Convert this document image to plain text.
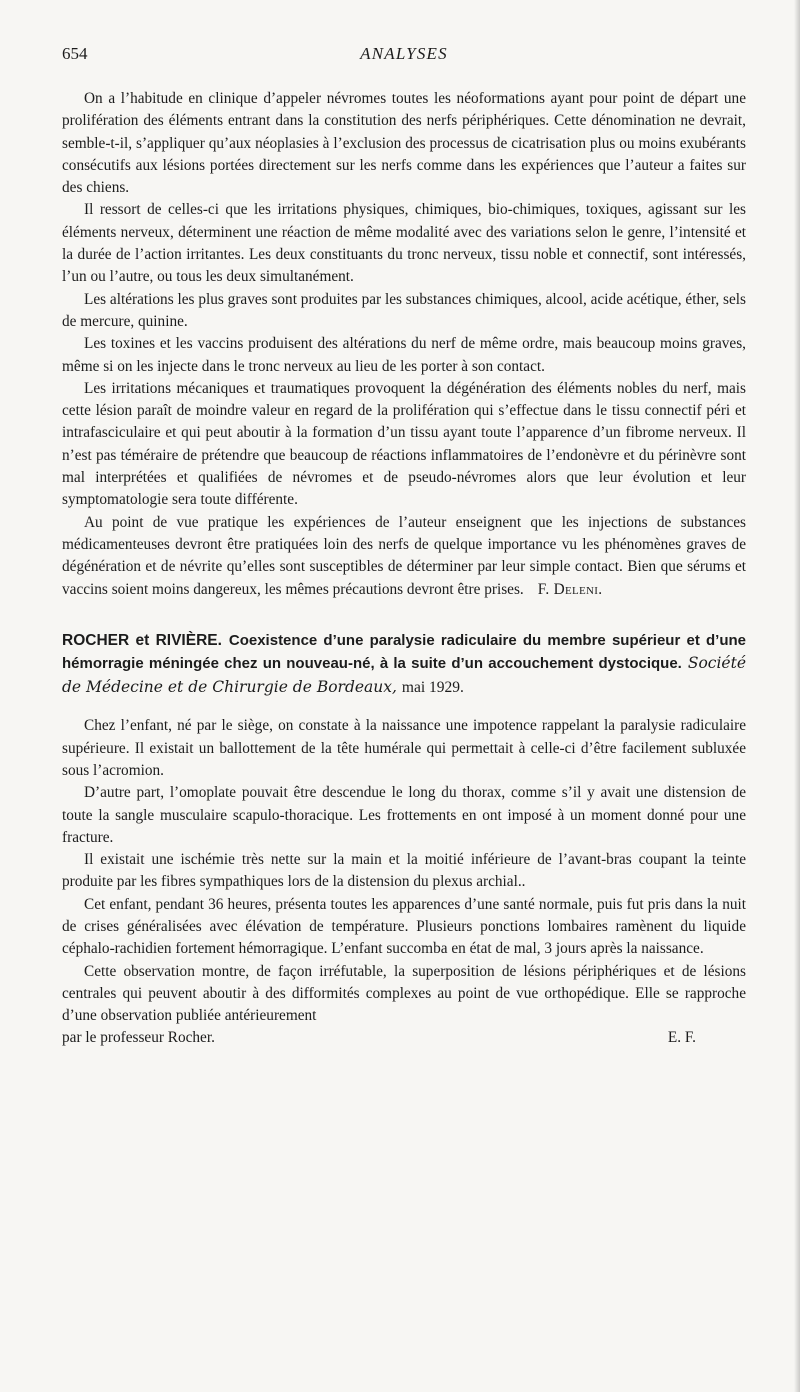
654	ANALYSES

On a l’habitude en clinique d’appeler névromes toutes les néoformations ayant pour point de départ une prolifération des éléments entrant dans la constitution des nerfs périphériques. Cette dénomination ne devrait, semble-t-il, s’appliquer qu’aux néoplasies à l’exclusion des processus de cicatrisation plus ou moins exubérants consécutifs aux lésions portées directement sur les nerfs comme dans les expériences que l’auteur a faites sur des chiens.

Il ressort de celles-ci que les irritations physiques, chimiques, bio-chimiques, toxiques, agissant sur les éléments nerveux, déterminent une réaction de même modalité avec des variations selon le genre, l’intensité et la durée de l’action irritantes. Les deux constituants du tronc nerveux, tissu noble et connectif, sont intéressés, l’un ou l’autre, ou tous les deux simultanément.

Les altérations les plus graves sont produites par les substances chimiques, alcool, acide acétique, éther, sels de mercure, quinine.

Les toxines et les vaccins produisent des altérations du nerf de même ordre, mais beaucoup moins graves, même si on les injecte dans le tronc nerveux au lieu de les porter à son contact.

Les irritations mécaniques et traumatiques provoquent la dégénération des éléments nobles du nerf, mais cette lésion paraît de moindre valeur en regard de la prolifération qui s’effectue dans le tissu connectif péri et intrafasciculaire et qui peut aboutir à la formation d’un tissu ayant toute l’apparence d’un fibrome nerveux. Il n’est pas téméraire de prétendre que beaucoup de réactions inflammatoires de l’endonèvre et du périnèvre sont mal interprétées et qualifiées de névromes et de pseudo-névromes alors que leur évolution et leur symptomatologie sera toute différente.

Au point de vue pratique les expériences de l’auteur enseignent que les injections de substances médicamenteuses devront être pratiquées loin des nerfs de quelque importance vu les phénomènes graves de dégénération et de névrite qu’elles sont susceptibles de déterminer par leur simple contact. Bien que sérums et vaccins soient moins dangereux, les mêmes précautions devront être prises. F. Deleni.

ROCHER et RIVIÈRE. Coexistence d’une paralysie radiculaire du membre supérieur et d’une hémorragie méningée chez un nouveau-né, à la suite d’un accouchement dystocique. Société de Médecine et de Chirurgie de Bordeaux, mai 1929.

Chez l’enfant, né par le siège, on constate à la naissance une impotence rappelant la paralysie radiculaire supérieure. Il existait un ballottement de la tête humérale qui permettait à celle-ci d’être facilement subluxée sous l’acromion.

D’autre part, l’omoplate pouvait être descendue le long du thorax, comme s’il y avait une distension de toute la sangle musculaire scapulo-thoracique. Les frottements en ont imposé à un moment donné pour une fracture.

Il existait une ischémie très nette sur la main et la moitié inférieure de l’avant-bras coupant la teinte produite par les fibres sympathiques lors de la distension du plexus archial..

Cet enfant, pendant 36 heures, présenta toutes les apparences d’une santé normale, puis fut pris dans la nuit de crises généralisées avec élévation de température. Plusieurs ponctions lombaires ramènent du liquide céphalo-rachidien fortement hémorragique. L’enfant succomba en état de mal, 3 jours après la naissance.

Cette observation montre, de façon irréfutable, la superposition de lésions périphériques et de lésions centrales qui peuvent aboutir à des difformités complexes au point de vue orthopédique. Elle se rapproche d’une observation publiée antérieurement

par le professeur Rocher.	E. F.
